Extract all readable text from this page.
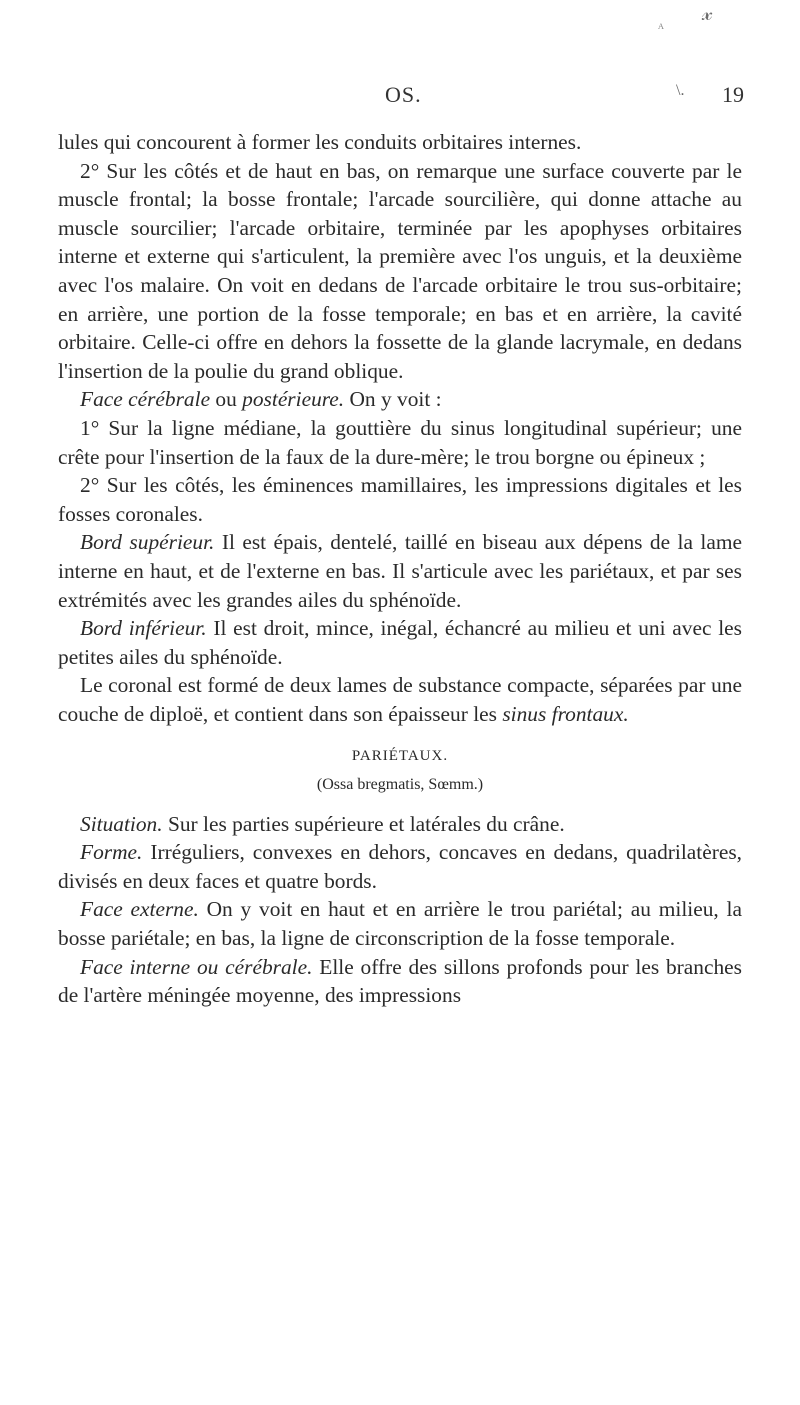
𝓍
ᴬ
OS.	\. 19

lules qui concourent à former les conduits orbitaires internes.

2° Sur les côtés et de haut en bas, on remarque une surface couverte par le muscle frontal; la bosse frontale; l'arcade sourcilière, qui donne attache au muscle sourcilier; l'arcade orbitaire, terminée par les apophyses orbitaires interne et externe qui s'articulent, la première avec l'os unguis, et la deuxième avec l'os malaire. On voit en dedans de l'arcade orbitaire le trou sus-orbitaire; en arrière, une portion de la fosse temporale; en bas et en arrière, la cavité orbitaire. Celle-ci offre en dehors la fossette de la glande lacrymale, en dedans l'insertion de la poulie du grand oblique.

Face cérébrale ou postérieure. On y voit :

1° Sur la ligne médiane, la gouttière du sinus longitudinal supérieur; une crête pour l'insertion de la faux de la dure-mère; le trou borgne ou épineux ;

2° Sur les côtés, les éminences mamillaires, les impressions digitales et les fosses coronales.

Bord supérieur. Il est épais, dentelé, taillé en biseau aux dépens de la lame interne en haut, et de l'externe en bas. Il s'articule avec les pariétaux, et par ses extrémités avec les grandes ailes du sphénoïde.

Bord inférieur. Il est droit, mince, inégal, échancré au milieu et uni avec les petites ailes du sphénoïde.

Le coronal est formé de deux lames de substance compacte, séparées par une couche de diploë, et contient dans son épaisseur les sinus frontaux.

PARIÉTAUX.

(Ossa bregmatis, Sœmm.)

Situation. Sur les parties supérieure et latérales du crâne.

Forme. Irréguliers, convexes en dehors, concaves en dedans, quadrilatères, divisés en deux faces et quatre bords.

Face externe. On y voit en haut et en arrière le trou pariétal; au milieu, la bosse pariétale; en bas, la ligne de circonscription de la fosse temporale.

Face interne ou cérébrale. Elle offre des sillons profonds pour les branches de l'artère méningée moyenne, des impressions
